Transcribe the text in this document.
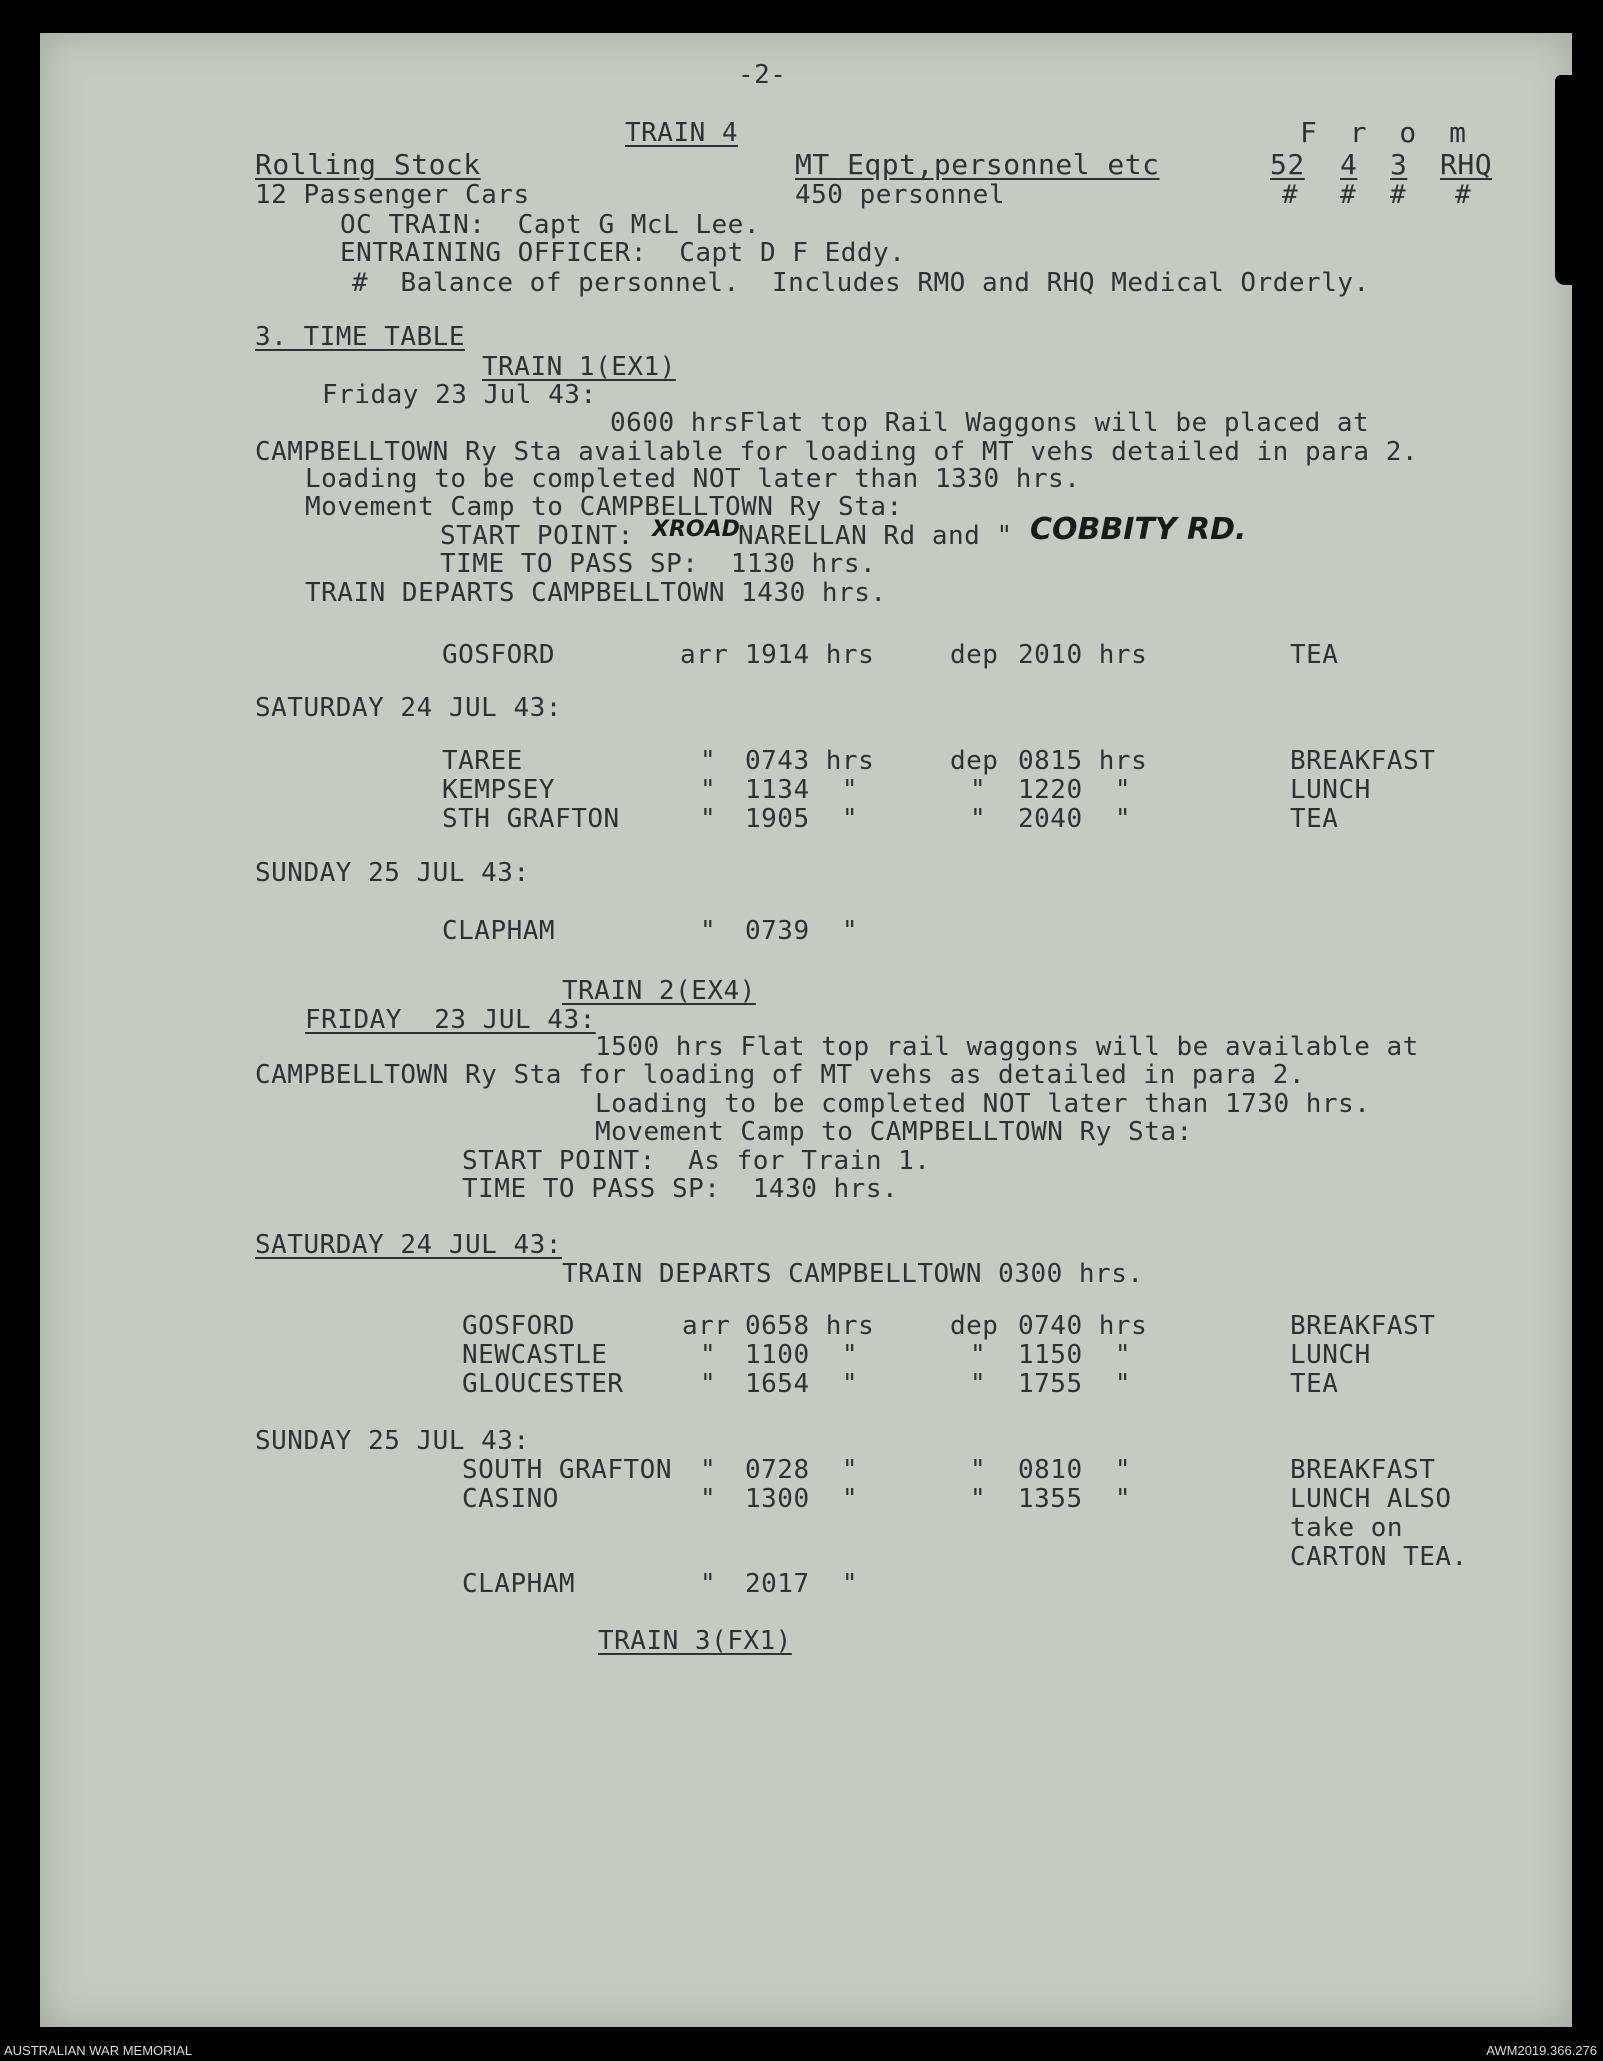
-2-
TRAIN 4	F r o m
Rolling Stock	MT Eqpt,personnel etc	52 4 3 RHQ
12 Passenger Cars	450 personnel	# # # #
OC TRAIN:  Capt G McL Lee.
ENTRAINING OFFICER:  Capt D F Eddy.
#  Balance of personnel.  Includes RMO and RHQ Medical Orderly.
3. TIME TABLE
TRAIN 1(EX1)
Friday 23 Jul 43:
0600 hrsFlat top Rail Waggons will be placed at
CAMPBELLTOWN Ry Sta available for loading of MT vehs detailed in para 2.
Loading to be completed NOT later than 1330 hrs.
Movement Camp to CAMPBELLTOWN Ry Sta:
START POINT: XROAD
NARELLAN Rd and " COBBITY RD.
TIME TO PASS SP:  1130 hrs.
TRAIN DEPARTS CAMPBELLTOWN 1430 hrs.
GOSFORD	arr 1914 hrs	dep 2010 hrs	TEA
SATURDAY 24 JUL 43:
TAREE	" 0743 hrs	dep 0815 hrs	BREAKFAST
KEMPSEY	" 1134  "	" 1220  "	LUNCH
STH GRAFTON	" 1905  "	" 2040  "	TEA
SUNDAY 25 JUL 43:
CLAPHAM	" 0739  "
TRAIN 2(EX4)
FRIDAY  23 JUL 43:
1500 hrs Flat top rail waggons will be available at
CAMPBELLTOWN Ry Sta for loading of MT vehs as detailed in para 2.
Loading to be completed NOT later than 1730 hrs.
Movement Camp to CAMPBELLTOWN Ry Sta:
START POINT:  As for Train 1.
TIME TO PASS SP:  1430 hrs.
SATURDAY 24 JUL 43:
TRAIN DEPARTS CAMPBELLTOWN 0300 hrs.
GOSFORD	arr 0658 hrs	dep 0740 hrs	BREAKFAST
NEWCASTLE	" 1100  "	" 1150  "	LUNCH
GLOUCESTER	" 1654  "	" 1755  "	TEA
SUNDAY 25 JUL 43:
SOUTH GRAFTON " 0728  "	" 0810  "	BREAKFAST
CASINO	" 1300  "	" 1355  "	LUNCH ALSO
take on
CARTON TEA.
CLAPHAM	" 2017  "
TRAIN 3(FX1)
AUSTRALIAN WAR MEMORIAL	AWM2019.366.276
